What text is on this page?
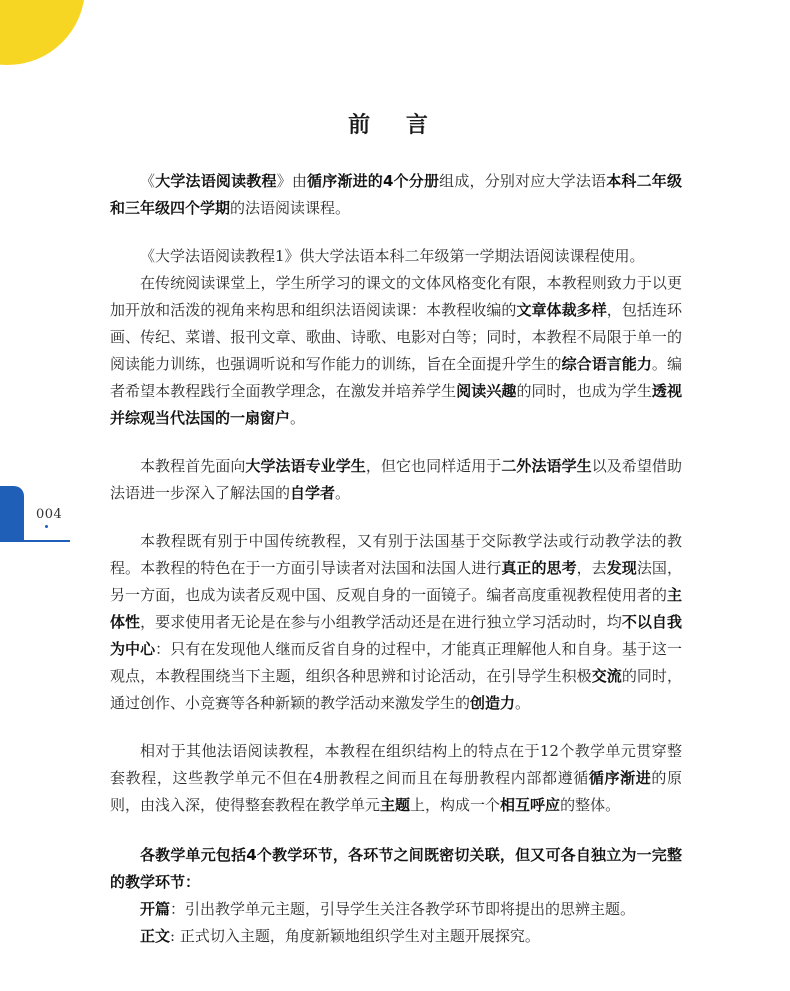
004
前 言

《大学法语阅读教程》由循序渐进的4个分册组成，分别对应大学法语本科二年级和三年级四个学期的法语阅读课程。

《大学法语阅读教程1》供大学法语本科二年级第一学期法语阅读课程使用。

在传统阅读课堂上，学生所学习的课文的文体风格变化有限，本教程则致力于以更加开放和活泼的视角来构思和组织法语阅读课：本教程收编的文章体裁多样，包括连环画、传纪、菜谱、报刊文章、歌曲、诗歌、电影对白等；同时，本教程不局限于单一的阅读能力训练，也强调听说和写作能力的训练，旨在全面提升学生的综合语言能力。编者希望本教程践行全面教学理念，在激发并培养学生阅读兴趣的同时，也成为学生透视并综观当代法国的一扇窗户。

本教程首先面向大学法语专业学生，但它也同样适用于二外法语学生以及希望借助法语进一步深入了解法国的自学者。

本教程既有别于中国传统教程，又有别于法国基于交际教学法或行动教学法的教程。本教程的特色在于一方面引导读者对法国和法国人进行真正的思考，去发现法国，另一方面，也成为读者反观中国、反观自身的一面镜子。编者高度重视教程使用者的主体性，要求使用者无论是在参与小组教学活动还是在进行独立学习活动时，均不以自我为中心：只有在发现他人继而反省自身的过程中，才能真正理解他人和自身。基于这一观点，本教程围绕当下主题，组织各种思辨和讨论活动，在引导学生积极交流的同时，通过创作、小竞赛等各种新颖的教学活动来激发学生的创造力。

相对于其他法语阅读教程，本教程在组织结构上的特点在于12个教学单元贯穿整套教程，这些教学单元不但在4册教程之间而且在每册教程内部都遵循循序渐进的原则，由浅入深，使得整套教程在教学单元主题上，构成一个相互呼应的整体。

各教学单元包括4个教学环节，各环节之间既密切关联，但又可各自独立为一完整的教学环节：

开篇：引出教学单元主题，引导学生关注各教学环节即将提出的思辨主题。

正文: 正式切入主题，角度新颖地组织学生对主题开展探究。
